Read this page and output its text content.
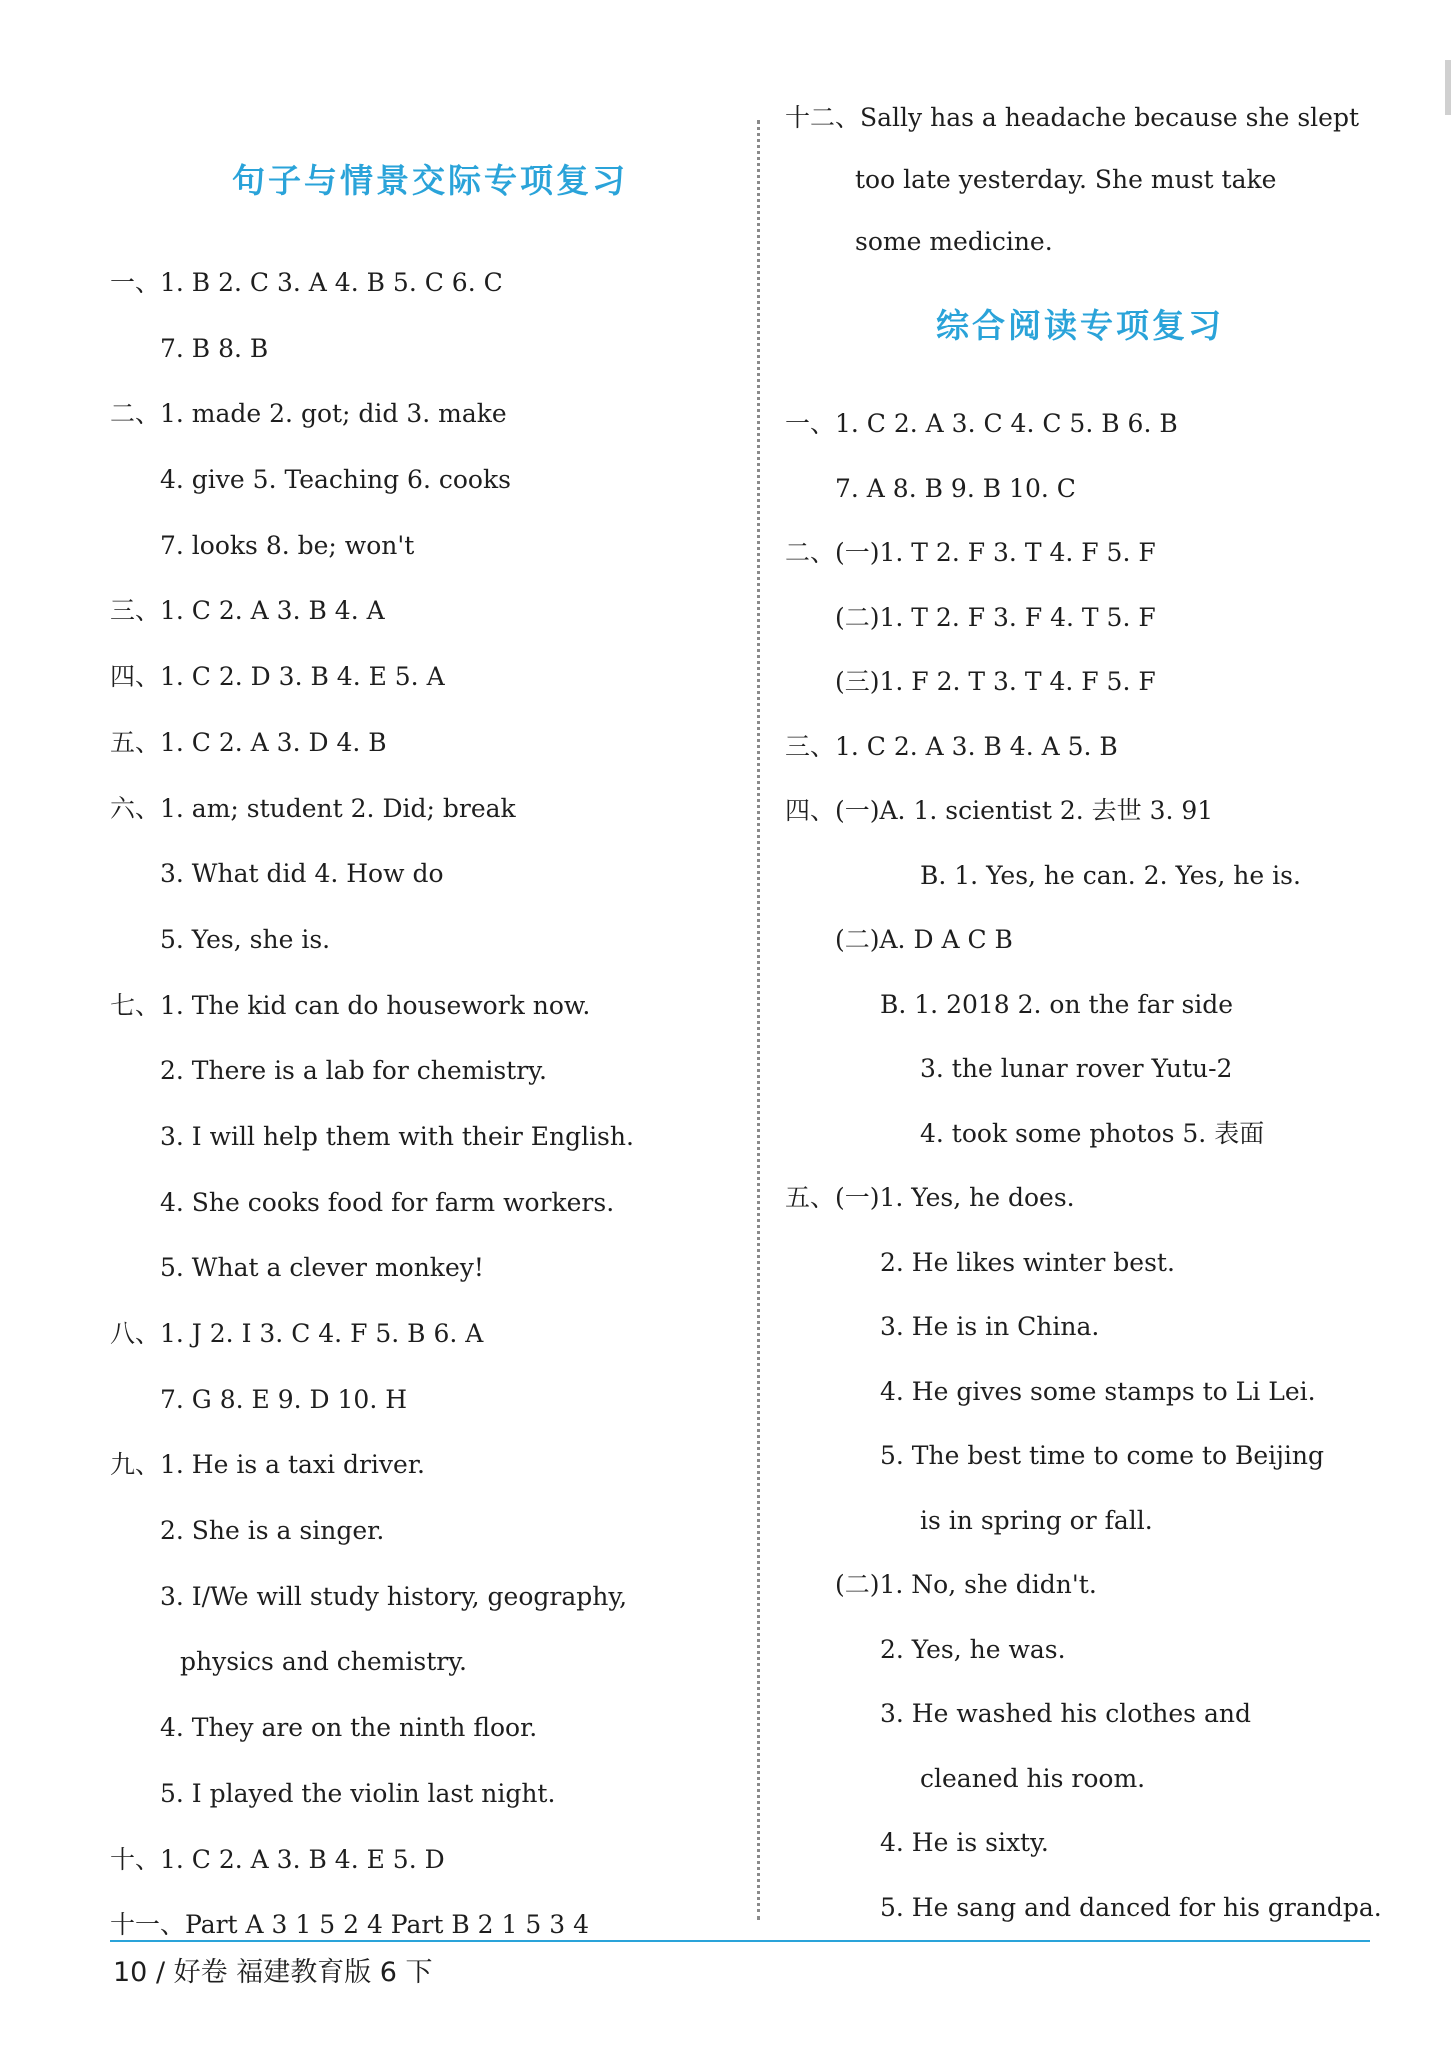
句子与情景交际专项复习
一、1. B 2. C 3. A 4. B 5. C 6. C
7. B 8. B
二、1. made 2. got; did 3. make
4. give 5. Teaching 6. cooks
7. looks 8. be; won't
三、1. C 2. A 3. B 4. A
四、1. C 2. D 3. B 4. E 5. A
五、1. C 2. A 3. D 4. B
六、1. am; student 2. Did; break
3. What did 4. How do
5. Yes, she is.
七、1. The kid can do housework now.
2. There is a lab for chemistry.
3. I will help them with their English.
4. She cooks food for farm workers.
5. What a clever monkey!
八、1. J 2. I 3. C 4. F 5. B 6. A
7. G 8. E 9. D 10. H
九、1. He is a taxi driver.
2. She is a singer.
3. I/We will study history, geography,
physics and chemistry.
4. They are on the ninth floor.
5. I played the violin last night.
十、1. C 2. A 3. B 4. E 5. D
十一、Part A 3 1 5 2 4 Part B 2 1 5 3 4
十二、Sally has a headache because she slept
too late yesterday. She must take
some medicine.
综合阅读专项复习
一、1. C 2. A 3. C 4. C 5. B 6. B
7. A 8. B 9. B 10. C
二、(一)1. T 2. F 3. T 4. F 5. F
(二)1. T 2. F 3. F 4. T 5. F
(三)1. F 2. T 3. T 4. F 5. F
三、1. C 2. A 3. B 4. A 5. B
四、(一)A. 1. scientist 2. 去世 3. 91
B. 1. Yes, he can. 2. Yes, he is.
(二)A. D A C B
B. 1. 2018 2. on the far side
3. the lunar rover Yutu-2
4. took some photos 5. 表面
五、(一)1. Yes, he does.
2. He likes winter best.
3. He is in China.
4. He gives some stamps to Li Lei.
5. The best time to come to Beijing
is in spring or fall.
(二)1. No, she didn't.
2. Yes, he was.
3. He washed his clothes and
cleaned his room.
4. He is sixty.
5. He sang and danced for his grandpa.
10 / 好卷 福建教育版 6 下
